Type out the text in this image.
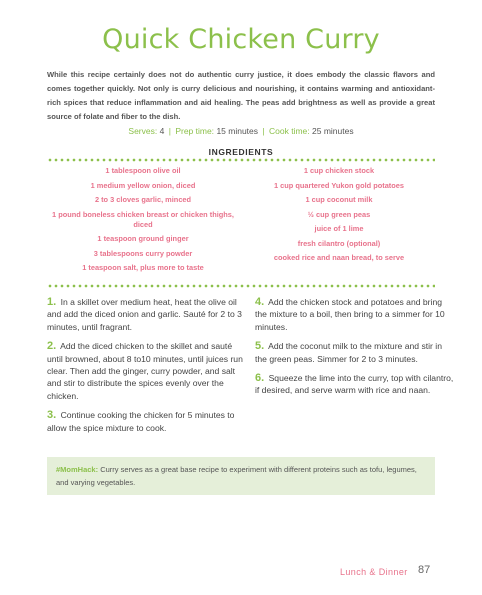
Quick Chicken Curry
While this recipe certainly does not do authentic curry justice, it does embody the classic flavors and comes together quickly. Not only is curry delicious and nourishing, it contains warming and antioxidant-rich spices that reduce inflammation and aid healing. The peas add brightness as well as provide a great source of folate and fiber to the dish.
Serves: 4 | Prep time: 15 minutes | Cook time: 25 minutes
INGREDIENTS
1 tablespoon olive oil
1 medium yellow onion, diced
2 to 3 cloves garlic, minced
1 pound boneless chicken breast or chicken thighs, diced
1 teaspoon ground ginger
3 tablespoons curry powder
1 teaspoon salt, plus more to taste
1 cup chicken stock
1 cup quartered Yukon gold potatoes
1 cup coconut milk
½ cup green peas
juice of 1 lime
fresh cilantro (optional)
cooked rice and naan bread, to serve
1. In a skillet over medium heat, heat the olive oil and add the diced onion and garlic. Sauté for 2 to 3 minutes, until fragrant.
2. Add the diced chicken to the skillet and sauté until browned, about 8 to10 minutes, until juices run clear. Then add the ginger, curry powder, and salt and stir to distribute the spices evenly over the chicken.
3. Continue cooking the chicken for 5 minutes to allow the spice mixture to cook.
4. Add the chicken stock and potatoes and bring the mixture to a boil, then bring to a simmer for 10 minutes.
5. Add the coconut milk to the mixture and stir in the green peas. Simmer for 2 to 3 minutes.
6. Squeeze the lime into the curry, top with cilantro, if desired, and serve warm with rice and naan.
#MomHack: Curry serves as a great base recipe to experiment with different proteins such as tofu, legumes, and varying vegetables.
Lunch & Dinner 87
